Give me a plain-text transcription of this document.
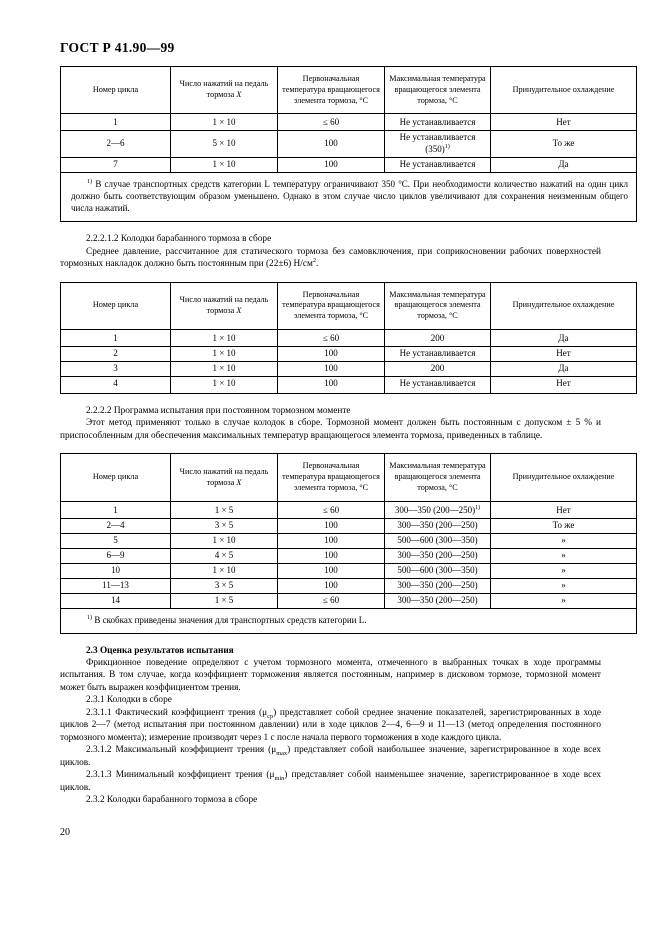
ГОСТ Р 41.90—99
Номер цикла	Число нажатий на педаль тормоза X	Первоначальная температура вращающегося элемента тормоза, °С	Максимальная температура вращающегося элемента тормоза, °С	Принудительное охлаждение
1	1 × 10	≤ 60	Не устанавливается	Нет
2—6	5 × 10	100	Не устанавливается $(350)^{1)}$	То же
7	1 × 10	100	Не устанавливается	Да
$^{1)}$ В случае транспортных средств категории L температуру ограничивают 350 °С. При необходимости количество нажатий на один цикл должно быть соответствующим образом уменьшено. Однако в этом случае число циклов увеличивают для сохранения неизменным общего числа нажатий.				

2.2.2.1.2 Колодки барабанного тормоза в сборе

Среднее давление, рассчитанное для статического тормоза без самовключения, при соприкосновении рабочих поверхностей тормозных накладок должно быть постоянным при (22±6) $Н/см^2$.

Номер цикла	Число нажатий на педаль тормоза X	Первоначальная температура вращающегося элемента тормоза, °С	Максимальная температура вращающегося элемента тормоза, °С	Принудительное охлаждение
1	1 × 10	≤ 60	200	Да
2	1 × 10	100	Не устанавливается	Нет
3	1 × 10	100	200	Да
4	1 × 10	100	Не устанавливается	Нет

2.2.2.2 Программа испытания при постоянном тормозном моменте

Этот метод применяют только в случае колодок в сборе. Тормозной момент должен быть постоянным с допуском ± 5 % и приспособленным для обеспечения максимальных температур вращающегося элемента тормоза, приведенных в таблице.

Номер цикла	Число нажатий на педаль тормоза X	Первоначальная температура вращающегося элемента тормоза, °С	Максимальная температура вращающегося элемента тормоза, °С	Принудительное охлаждение
1	1 × 5	≤ 60	300—350 (200—250)$^{1)}$	Нет
2—4	3 × 5	100	300—350 (200—250)	То же
5	1 × 10	100	500—600 (300—350)	»
6—9	4 × 5	100	300—350 (200—250)	»
10	1 × 10	100	500—600 (300—350)	»
11—13	3 × 5	100	300—350 (200—250)	»
14	1 × 5	≤ 60	300—350 (200—250)	»
$^{1)}$ В скобках приведены значения для транспортных средств категории L.				

2.3 Оценка результатов испытания

Фрикционное поведение определяют с учетом тормозного момента, отмеченного в выбранных точках в ходе программы испытания. В том случае, когда коэффициент торможения является постоянным, например в дисковом тормозе, тормозной момент может быть выражен коэффициентом трения.

2.3.1 Колодки в сборе

2.3.1.1 Фактический коэффициент трения $(\mu_{ср})$ представляет собой среднее значение показателей, зарегистрированных в ходе циклов 2—7 (метод испытания при постоянном давлении) или в ходе циклов 2—4, 6—9 и 11—13 (метод определения постоянного тормозного момента); измерение производят через 1 с после начала первого торможения в ходе каждого цикла.

2.3.1.2 Максимальный коэффициент трения $(\mu_{max})$ представляет собой наибольшее значение, зарегистрированное в ходе всех циклов.

2.3.1.3 Минимальный коэффициент трения $(\mu_{min})$ представляет собой наименьшее значение, зарегистрированное в ходе всех циклов.

2.3.2 Колодки барабанного тормоза в сборе

20
